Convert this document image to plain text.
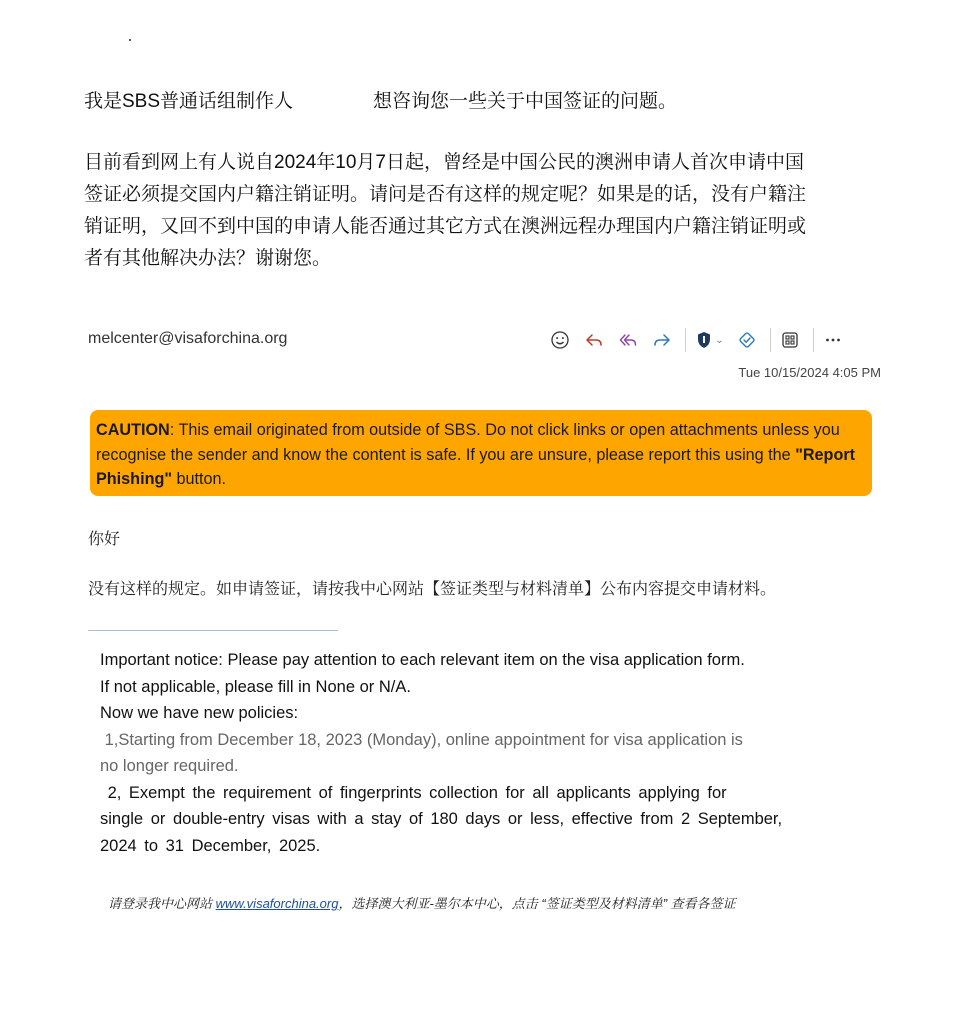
我是SBS普通话组制作人	想咨询您一些关于中国签证的问题。
目前看到网上有人说自2024年10月7日起，曾经是中国公民的澳洲申请人首次申请中国
签证必须提交国内户籍注销证明。请问是否有这样的规定呢？如果是的话，没有户籍注
销证明，又回不到中国的申请人能否通过其它方式在澳洲远程办理国内户籍注销证明或
者有其他解决办法？谢谢您。
melcenter@visaforchina.org	⌄
Tue 10/15/2024 4:05 PM
CAUTION: This email originated from outside of SBS. Do not click links or open attachments unless you recognise the sender and know the content is safe. If you are unsure, please report this using the "Report Phishing" button.
你好
没有这样的规定。如申请签证，请按我中心网站【签证类型与材料清单】公布内容提交申请材料。
Important notice: Please pay attention to each relevant item on the visa application form.
If not applicable, please fill in None or N/A.
Now we have new policies:
1,Starting from December 18, 2023 (Monday), online appointment for visa application is
no longer required.
2, Exempt the requirement of fingerprints collection for all applicants applying for
single or double-entry visas with a stay of 180 days or less, effective from 2 September,
2024 to 31 December, 2025.
请登录我中心网站 www.visaforchina.org，选择澳大利亚-墨尔本中心，点击 “签证类型及材料清单” 查看各签证
